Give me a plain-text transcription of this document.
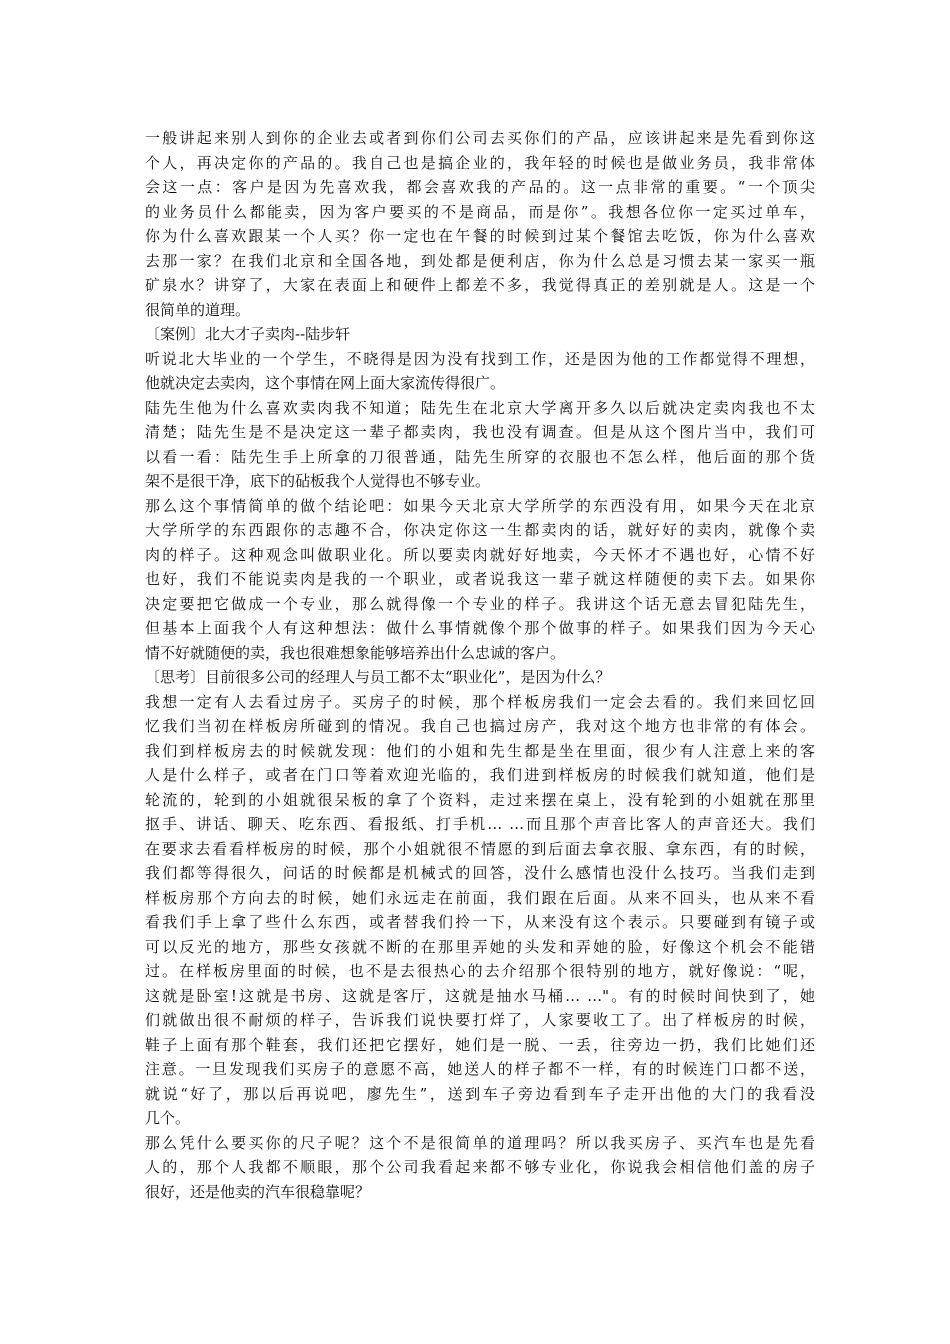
一般讲起来别人到你的企业去或者到你们公司去买你们的产品，应该讲起来是先看到你这
个人，再决定你的产品的。我自己也是搞企业的，我年轻的时候也是做业务员，我非常体
会这一点：客户是因为先喜欢我，都会喜欢我的产品的。这一点非常的重要。“一个顶尖
的业务员什么都能卖，因为客户要买的不是商品，而是你”。我想各位你一定买过单车，
你为什么喜欢跟某一个人买？你一定也在午餐的时候到过某个餐馆去吃饭，你为什么喜欢
去那一家？在我们北京和全国各地，到处都是便利店，你为什么总是习惯去某一家买一瓶
矿泉水？讲穿了，大家在表面上和硬件上都差不多，我觉得真正的差别就是人。这是一个
很简单的道理。
〔案例〕北大才子卖肉--陆步轩
听说北大毕业的一个学生，不晓得是因为没有找到工作，还是因为他的工作都觉得不理想，
他就决定去卖肉，这个事情在网上面大家流传得很广。
陆先生他为什么喜欢卖肉我不知道；陆先生在北京大学离开多久以后就决定卖肉我也不太
清楚；陆先生是不是决定这一辈子都卖肉，我也没有调查。但是从这个图片当中，我们可
以看一看：陆先生手上所拿的刀很普通，陆先生所穿的衣服也不怎么样，他后面的那个货
架不是很干净，底下的砧板我个人觉得也不够专业。
那么这个事情简单的做个结论吧：如果今天北京大学所学的东西没有用，如果今天在北京
大学所学的东西跟你的志趣不合，你决定你这一生都卖肉的话，就好好的卖肉，就像个卖
肉的样子。这种观念叫做职业化。所以要卖肉就好好地卖，今天怀才不遇也好，心情不好
也好，我们不能说卖肉是我的一个职业，或者说我这一辈子就这样随便的卖下去。如果你
决定要把它做成一个专业，那么就得像一个专业的样子。我讲这个话无意去冒犯陆先生，
但基本上面我个人有这种想法：做什么事情就像个那个做事的样子。如果我们因为今天心
情不好就随便的卖，我也很难想象能够培养出什么忠诚的客户。
〔思考〕目前很多公司的经理人与员工都不太“职业化”，是因为什么？
我想一定有人去看过房子。买房子的时候，那个样板房我们一定会去看的。我们来回忆回
忆我们当初在样板房所碰到的情况。我自己也搞过房产，我对这个地方也非常的有体会。
我们到样板房去的时候就发现：他们的小姐和先生都是坐在里面，很少有人注意上来的客
人是什么样子，或者在门口等着欢迎光临的，我们进到样板房的时候我们就知道，他们是
轮流的，轮到的小姐就很呆板的拿了个资料，走过来摆在桌上，没有轮到的小姐就在那里
抠手、讲话、聊天、吃东西、看报纸、打手机… …而且那个声音比客人的声音还大。我们
在要求去看看样板房的时候，那个小姐就很不情愿的到后面去拿衣服、拿东西，有的时候，
我们都等得很久，问话的时候都是机械式的回答，没什么感情也没什么技巧。当我们走到
样板房那个方向去的时候，她们永远走在前面，我们跟在后面。从来不回头，也从来不看
看我们手上拿了些什么东西，或者替我们拎一下，从来没有这个表示。只要碰到有镜子或
可以反光的地方，那些女孩就不断的在那里弄她的头发和弄她的脸，好像这个机会不能错
过。在样板房里面的时候，也不是去很热心的去介绍那个很特别的地方，就好像说：“呢，
这就是卧室!这就是书房、这就是客厅，这就是抽水马桶… …"。有的时候时间快到了，她
们就做出很不耐烦的样子，告诉我们说快要打烊了，人家要收工了。出了样板房的时候，
鞋子上面有那个鞋套，我们还把它摆好，她们是一脱、一丢，往旁边一扔，我们比她们还
注意。一旦发现我们买房子的意愿不高，她送人的样子都不一样，有的时候连门口都不送，
就说“好了，那以后再说吧，廖先生”，送到车子旁边看到车子走开出他的大门的我看没
几个。
那么凭什么要买你的尺子呢？这个不是很简单的道理吗？所以我买房子、买汽车也是先看
人的，那个人我都不顺眼，那个公司我看起来都不够专业化，你说我会相信他们盖的房子
很好，还是他卖的汽车很稳靠呢？
